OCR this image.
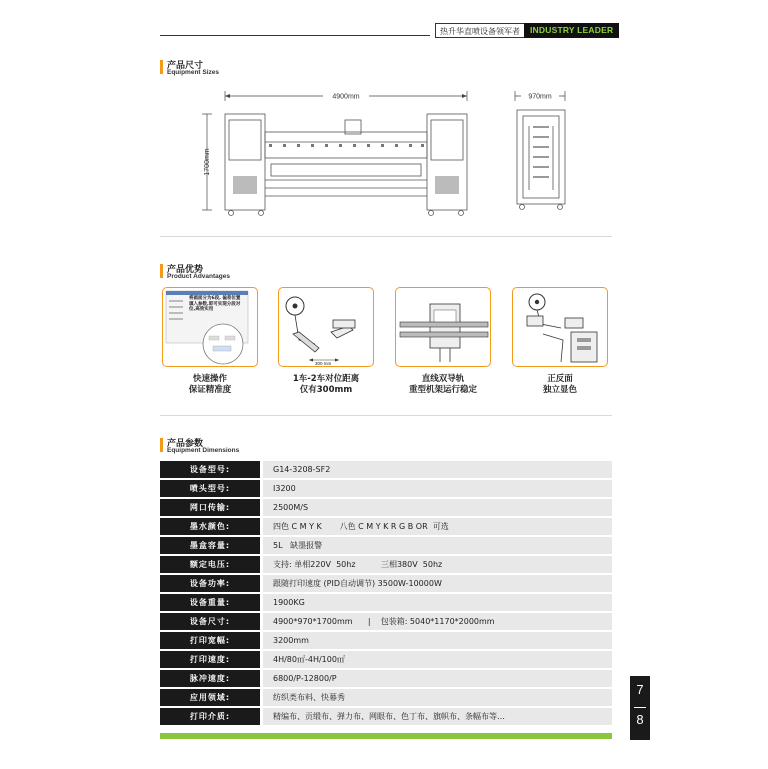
热升华直喷设备领军者	INDUSTRY LEADER
产品尺寸
Equipment Sizes
4900mm
1700mm
970mm
产品优势
Product Advantages
将画面分为6段, 偏差位置
填入参数,即可实现分段对
位,高效实用
快速操作
保证精准度
300 mm
1车-2车对位距离
仅有300mm
直线双导轨
重型机架运行稳定
正反面
独立显色
产品参数
Equipment Dimensions
设备型号:	G14-3208-SF2
喷头型号:	I3200
网口传输:	2500M/S
墨水颜色:	四色 C M Y K       八色 C M Y K R G B OR  可选
墨盒容量:	5L   缺墨报警
额定电压:	支持: 单相220V  50hz          三相380V  50hz
设备功率:	跟随打印速度 (PID自动调节) 3500W-10000W
设备重量:	1900KG
设备尺寸:	4900*970*1700mm      |    包装箱: 5040*1170*2000mm
打印宽幅:	3200mm
打印速度:	4H/80㎡-4H/100㎡
脉冲速度:	6800/P-12800/P
应用领域:	纺织类布料、快幕秀
打印介质:	精编布、贡缎布、弹力布、网眼布、色丁布、旗帜布、条幅布等…
7
8
